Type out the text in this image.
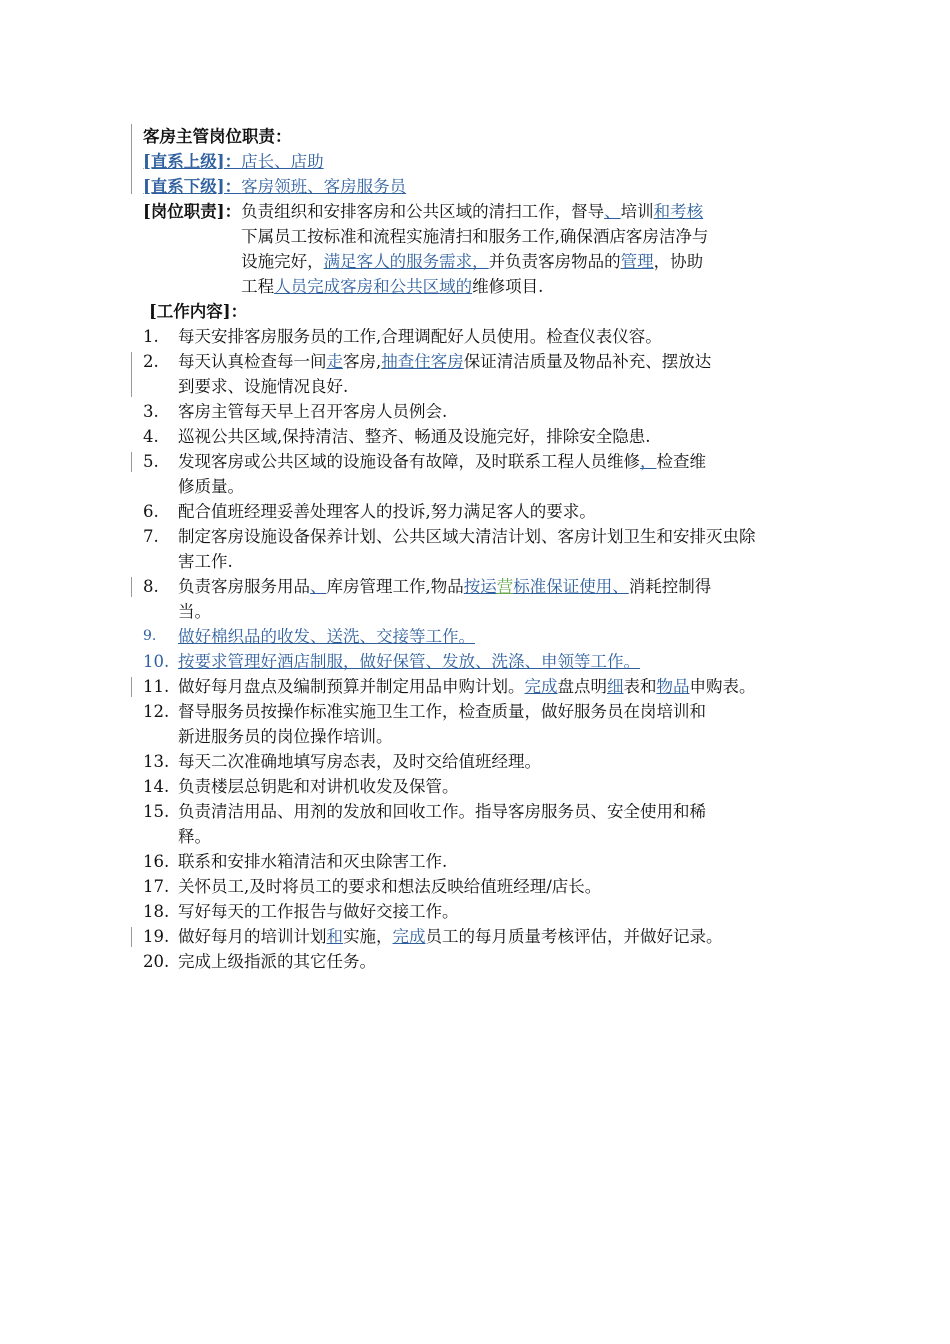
客房主管岗位职责：
[直系上级]：店长、店助
[直系下级]：客房领班、客房服务员
[岗位职责]： 负责组织和安排客房和公共区域的清扫工作，督导、培训和考核
下属员工按标准和流程实施清扫和服务工作,确保酒店客房洁净与
设施完好，满足客人的服务需求，并负责客房物品的管理，协助
工程人员完成客房和公共区域的维修项目.
[工作内容]：
1.	每天安排客房服务员的工作,合理调配好人员使用。检查仪表仪容。
2.	每天认真检查每一间走客房,抽查住客房保证清洁质量及物品补充、摆放达
到要求、设施情况良好.
3.	客房主管每天早上召开客房人员例会.
4.	巡视公共区域,保持清洁、整齐、畅通及设施完好，排除安全隐患.
5.	发现客房或公共区域的设施设备有故障，及时联系工程人员维修，检查维
修质量。
6.	配合值班经理妥善处理客人的投诉,努力满足客人的要求。
7.	制定客房设施设备保养计划、公共区域大清洁计划、客房计划卫生和安排灭虫除
害工作.
8.	负责客房服务用品、库房管理工作,物品按运营标准保证使用、消耗控制得
当。
9.	做好棉织品的收发、送洗、交接等工作。
10. 按要求管理好酒店制服，做好保管、发放、洗涤、申领等工作。
11. 做好每月盘点及编制预算并制定用品申购计划。完成盘点明细表和物品申购表。
12. 督导服务员按操作标准实施卫生工作，检查质量，做好服务员在岗培训和
新进服务员的岗位操作培训。
13. 每天二次准确地填写房态表，及时交给值班经理。
14. 负责楼层总钥匙和对讲机收发及保管。
15. 负责清洁用品、用剂的发放和回收工作。指导客房服务员、安全使用和稀
释。
16. 联系和安排水箱清洁和灭虫除害工作.
17. 关怀员工,及时将员工的要求和想法反映给值班经理/店长。
18. 写好每天的工作报告与做好交接工作。
19. 做好每月的培训计划和实施，完成员工的每月质量考核评估，并做好记录。
20. 完成上级指派的其它任务。
